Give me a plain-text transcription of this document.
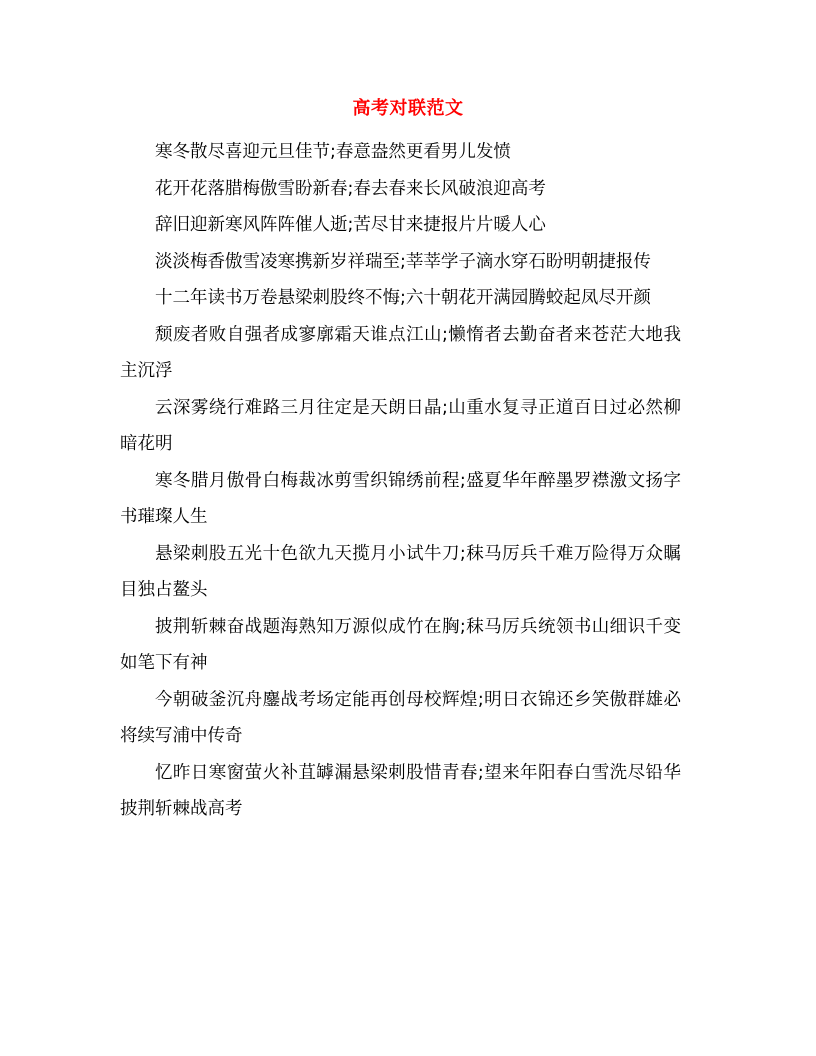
高考对联范文

寒冬散尽喜迎元旦佳节;春意盎然更看男儿发愤

花开花落腊梅傲雪盼新春;春去春来长风破浪迎高考

辞旧迎新寒风阵阵催人逝;苦尽甘来捷报片片暖人心

淡淡梅香傲雪凌寒携新岁祥瑞至;莘莘学子滴水穿石盼明朝捷报传

十二年读书万卷悬梁刺股终不悔;六十朝花开满园腾蛟起凤尽开颜

颓废者败自强者成寥廓霜天谁点江山;懒惰者去勤奋者来苍茫大地我主沉浮

云深雾绕行难路三月往定是天朗日晶;山重水复寻正道百日过必然柳暗花明

寒冬腊月傲骨白梅裁冰剪雪织锦绣前程;盛夏华年醉墨罗襟激文扬字书璀璨人生

悬梁刺股五光十色欲九天揽月小试牛刀;秣马厉兵千难万险得万众瞩目独占鳌头

披荆斩棘奋战题海熟知万源似成竹在胸;秣马厉兵统领书山细识千变如笔下有神

今朝破釜沉舟鏖战考场定能再创母校辉煌;明日衣锦还乡笑傲群雄必将续写浦中传奇

忆昨日寒窗萤火补苴罅漏悬梁刺股惜青春;望来年阳春白雪洗尽铅华披荆斩棘战高考
